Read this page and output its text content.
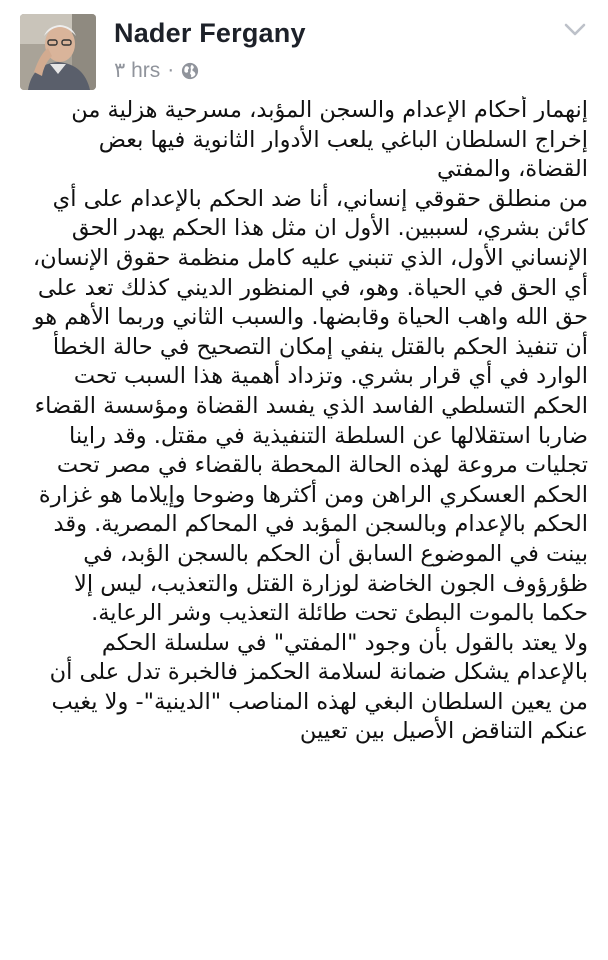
Nader Fergany
٣ hrs ·

إنهمار أحكام الإعدام والسجن المؤبد، مسرحية هزلية من إخراج السلطان الباغي يلعب الأدوار الثانوية فيها بعض القضاة، والمفتي

من منطلق حقوقي إنساني، أنا ضد الحكم بالإعدام على أي كائن بشري، لسببين. الأول ان مثل هذا الحكم يهدر الحق الإنساني الأول، الذي تنبني عليه كامل منظمة حقوق الإنسان، أي الحق في الحياة. وهو، في المنظور الديني كذلك تعد على حق الله واهب الحياة وقابضها. والسبب الثاني وربما الأهم هو أن تنفيذ الحكم بالقتل ينفي إمكان التصحيح في حالة الخطأ الوارد في أي قرار بشري. وتزداد أهمية هذا السبب تحت الحكم التسلطي الفاسد الذي يفسد القضاة ومؤسسة القضاء ضاربا استقلالها عن السلطة التنفيذية في مقتل. وقد راينا تجليات مروعة لهذه الحالة المحطة بالقضاء في مصر تحت الحكم العسكري الراهن ومن أكثرها وضوحا وإيلاما هو غزارة الحكم بالإعدام وبالسجن المؤبد في المحاكم المصرية. وقد بينت في الموضوع السابق أن الحكم بالسجن الؤبد، في ظؤرؤوف الجون الخاضة لوزارة القتل والتعذيب، ليس إلا حكما بالموت البطئ تحت طائلة التعذيب وشر الرعاية.

ولا يعتد بالقول بأن وجود "المفتي" في سلسلة الحكم بالإعدام يشكل ضمانة لسلامة الحكمز فالخبرة تدل على أن من يعين السلطان البغي لهذه المناصب "الدينية"- ولا يغيب عنكم التناقض الأصيل بين تعيين
